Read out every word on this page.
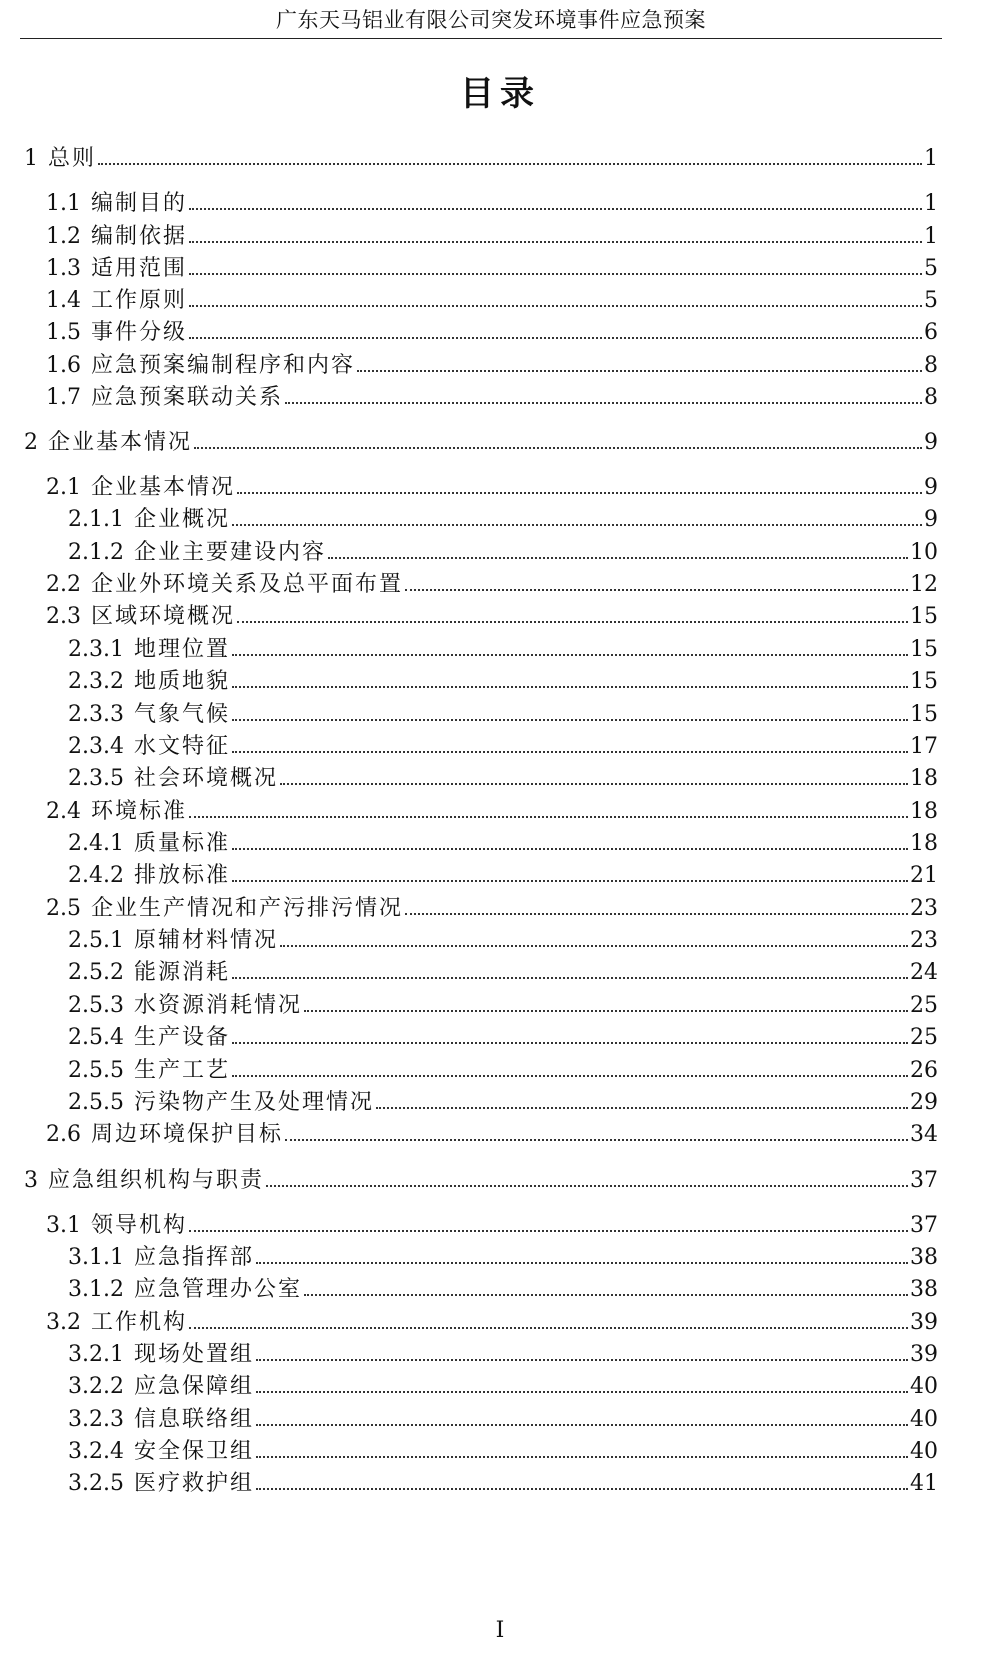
广东天马铝业有限公司突发环境事件应急预案
目录
1 总则	1
1.1 编制目的	1
1.2 编制依据	1
1.3 适用范围	5
1.4 工作原则	5
1.5 事件分级	6
1.6 应急预案编制程序和内容	8
1.7 应急预案联动关系	8
2 企业基本情况	9
2.1 企业基本情况	9
2.1.1 企业概况	9
2.1.2 企业主要建设内容	10
2.2 企业外环境关系及总平面布置	12
2.3 区域环境概况	15
2.3.1 地理位置	15
2.3.2 地质地貌	15
2.3.3 气象气候	15
2.3.4 水文特征	17
2.3.5 社会环境概况	18
2.4 环境标准	18
2.4.1 质量标准	18
2.4.2 排放标准	21
2.5 企业生产情况和产污排污情况	23
2.5.1 原辅材料情况	23
2.5.2 能源消耗	24
2.5.3 水资源消耗情况	25
2.5.4 生产设备	25
2.5.5 生产工艺	26
2.5.5 污染物产生及处理情况	29
2.6 周边环境保护目标	34
3 应急组织机构与职责	37
3.1 领导机构	37
3.1.1 应急指挥部	38
3.1.2 应急管理办公室	38
3.2 工作机构	39
3.2.1 现场处置组	39
3.2.2 应急保障组	40
3.2.3 信息联络组	40
3.2.4 安全保卫组	40
3.2.5 医疗救护组	41
I
